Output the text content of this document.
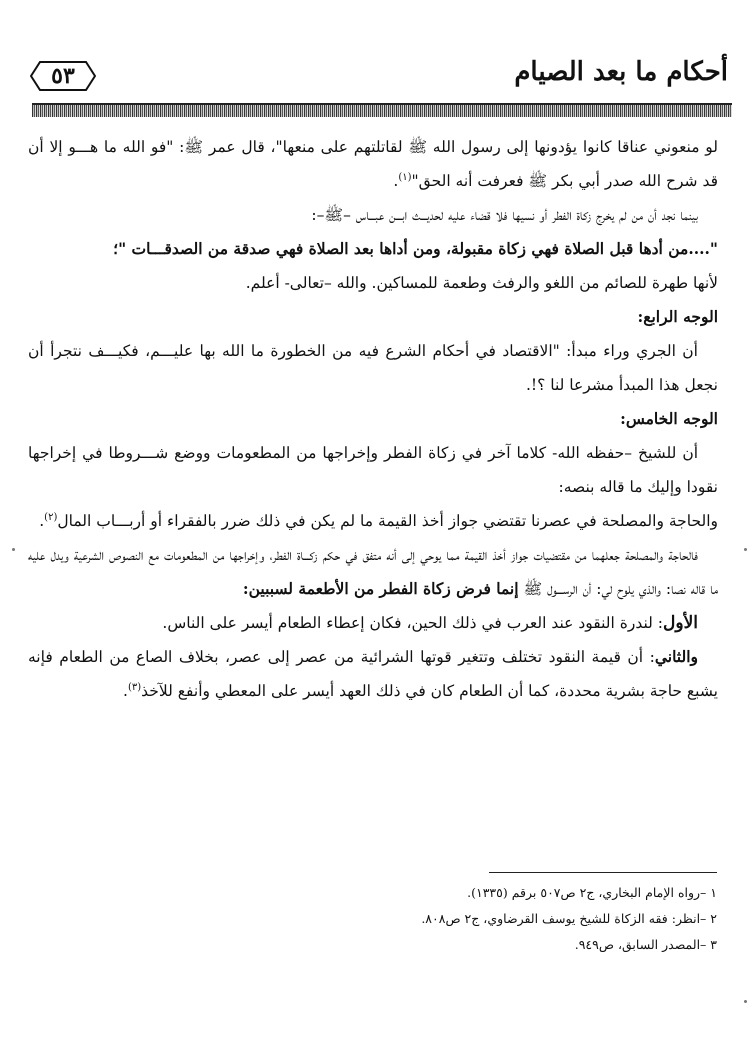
٥٣	أحكام ما بعد الصيام

لو منعوني عناقا كانوا يؤدونها إلى رسول الله ﷺ لقاتلتهم على منعها"، قال عمر ﷺ: "فو الله ما هـــو إلا أن قد شرح الله صدر أبي بكر ﷺ فعرفت أنه الحق"$^{(١)}$.

بينما نجد أن من لم يخرج زكاة الفطر أو نسيها فلا قضاء عليه لحديـــث ابـــن عبـــاس –ﷺ–:

"....من أدها قبل الصلاة فهي زكاة مقبولة، ومن أداها بعد الصلاة فهي صدقة من الصدقـــات "؛

لأنها طهرة للصائم من اللغو والرفث وطعمة للمساكين. والله –تعالى- أعلم.

الوجه الرابع:

أن الجري وراء مبدأ: "الاقتصاد في أحكام الشرع فيه من الخطورة ما الله بها عليـــم، فكيـــف نتجرأ أن نجعل هذا المبدأ مشرعا لنا ؟!.

الوجه الخامس:

أن للشيخ –حفظه الله- كلاما آخر في زكاة الفطر وإخراجها من المطعومات ووضع شـــروطا في إخراجها نقودا وإليك ما قاله بنصه:

والحاجة والمصلحة في عصرنا تقتضي جواز أخذ القيمة ما لم يكن في ذلك ضرر بالفقراء أو أربـــاب المال$^{(٢)}$.

فالحاجة والمصلحة جعلهما من مقتضيات جواز أخذ القيمة مما يوحي إلى أنه متفق في حكم زكـــاة الفطر، وإخراجها من المطعومات مع النصوص الشرعية ويدل عليه ما قاله نصا: والذي يلوح لي: أن الرســـول ﷺ إنما فرض زكاة الفطر من الأطعمة لسببين:

الأول: لندرة النقود عند العرب في ذلك الحين، فكان إعطاء الطعام أيسر على الناس.

والثاني: أن قيمة النقود تختلف وتتغير قوتها الشرائية من عصر إلى عصر، بخلاف الصاع من الطعام فإنه يشبع حاجة بشرية محددة، كما أن الطعام كان في ذلك العهد أيسر على المعطي وأنفع للآخذ$^{(٣)}$.

١ –رواه الإمام البخاري، ج٢ ص٥٠٧ برقم (١٣٣٥).

٢ –انظر: فقه الزكاة للشيخ يوسف القرضاوي، ج٢ ص٨٠٨.

٣ –المصدر السابق، ص٩٤٩.
